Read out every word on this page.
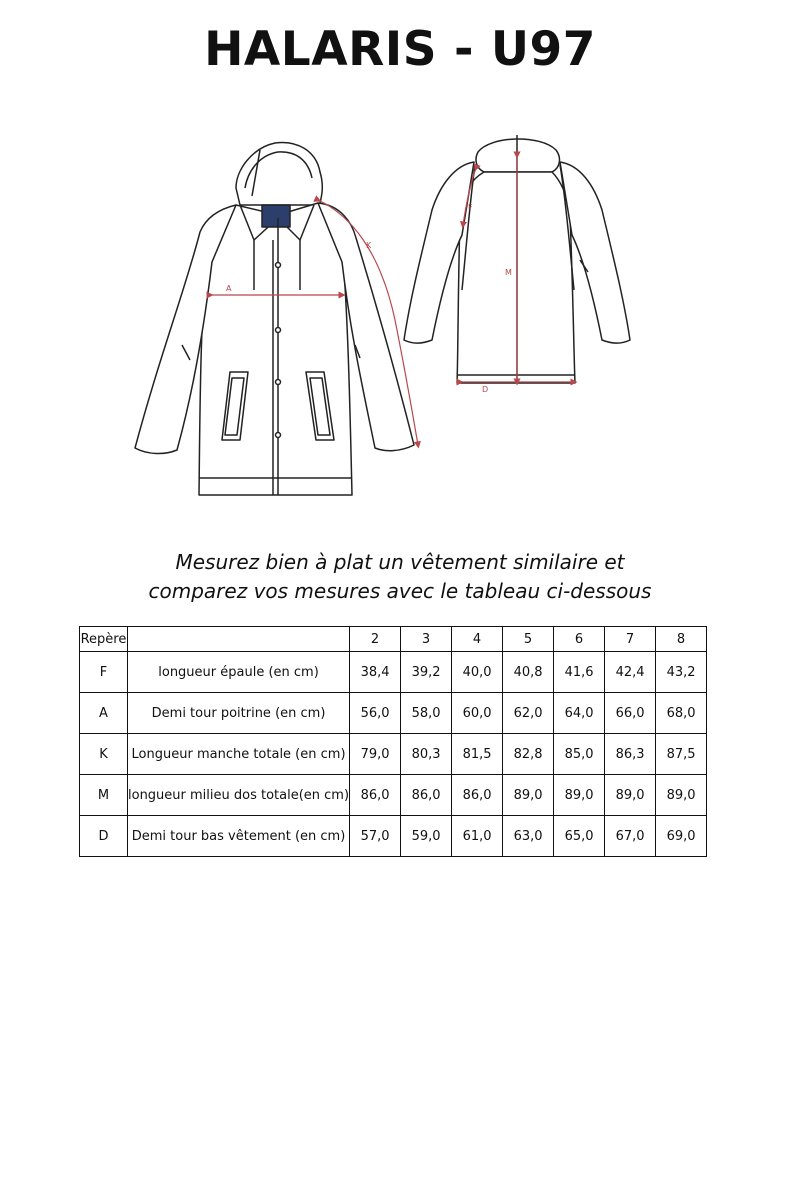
HALARIS - U97
A
K
F
M
D
Mesurez bien à plat un vêtement similaire et
comparez vos mesures avec le tableau ci-dessous
Repère		2	3	4	5	6	7	8
F	longueur épaule (en cm)	38,4	39,2	40,0	40,8	41,6	42,4	43,2
A	Demi tour poitrine (en cm)	56,0	58,0	60,0	62,0	64,0	66,0	68,0
K	Longueur manche totale (en cm)	79,0	80,3	81,5	82,8	85,0	86,3	87,5
M	longueur milieu dos totale(en cm)	86,0	86,0	86,0	89,0	89,0	89,0	89,0
D	Demi tour bas vêtement (en cm)	57,0	59,0	61,0	63,0	65,0	67,0	69,0
